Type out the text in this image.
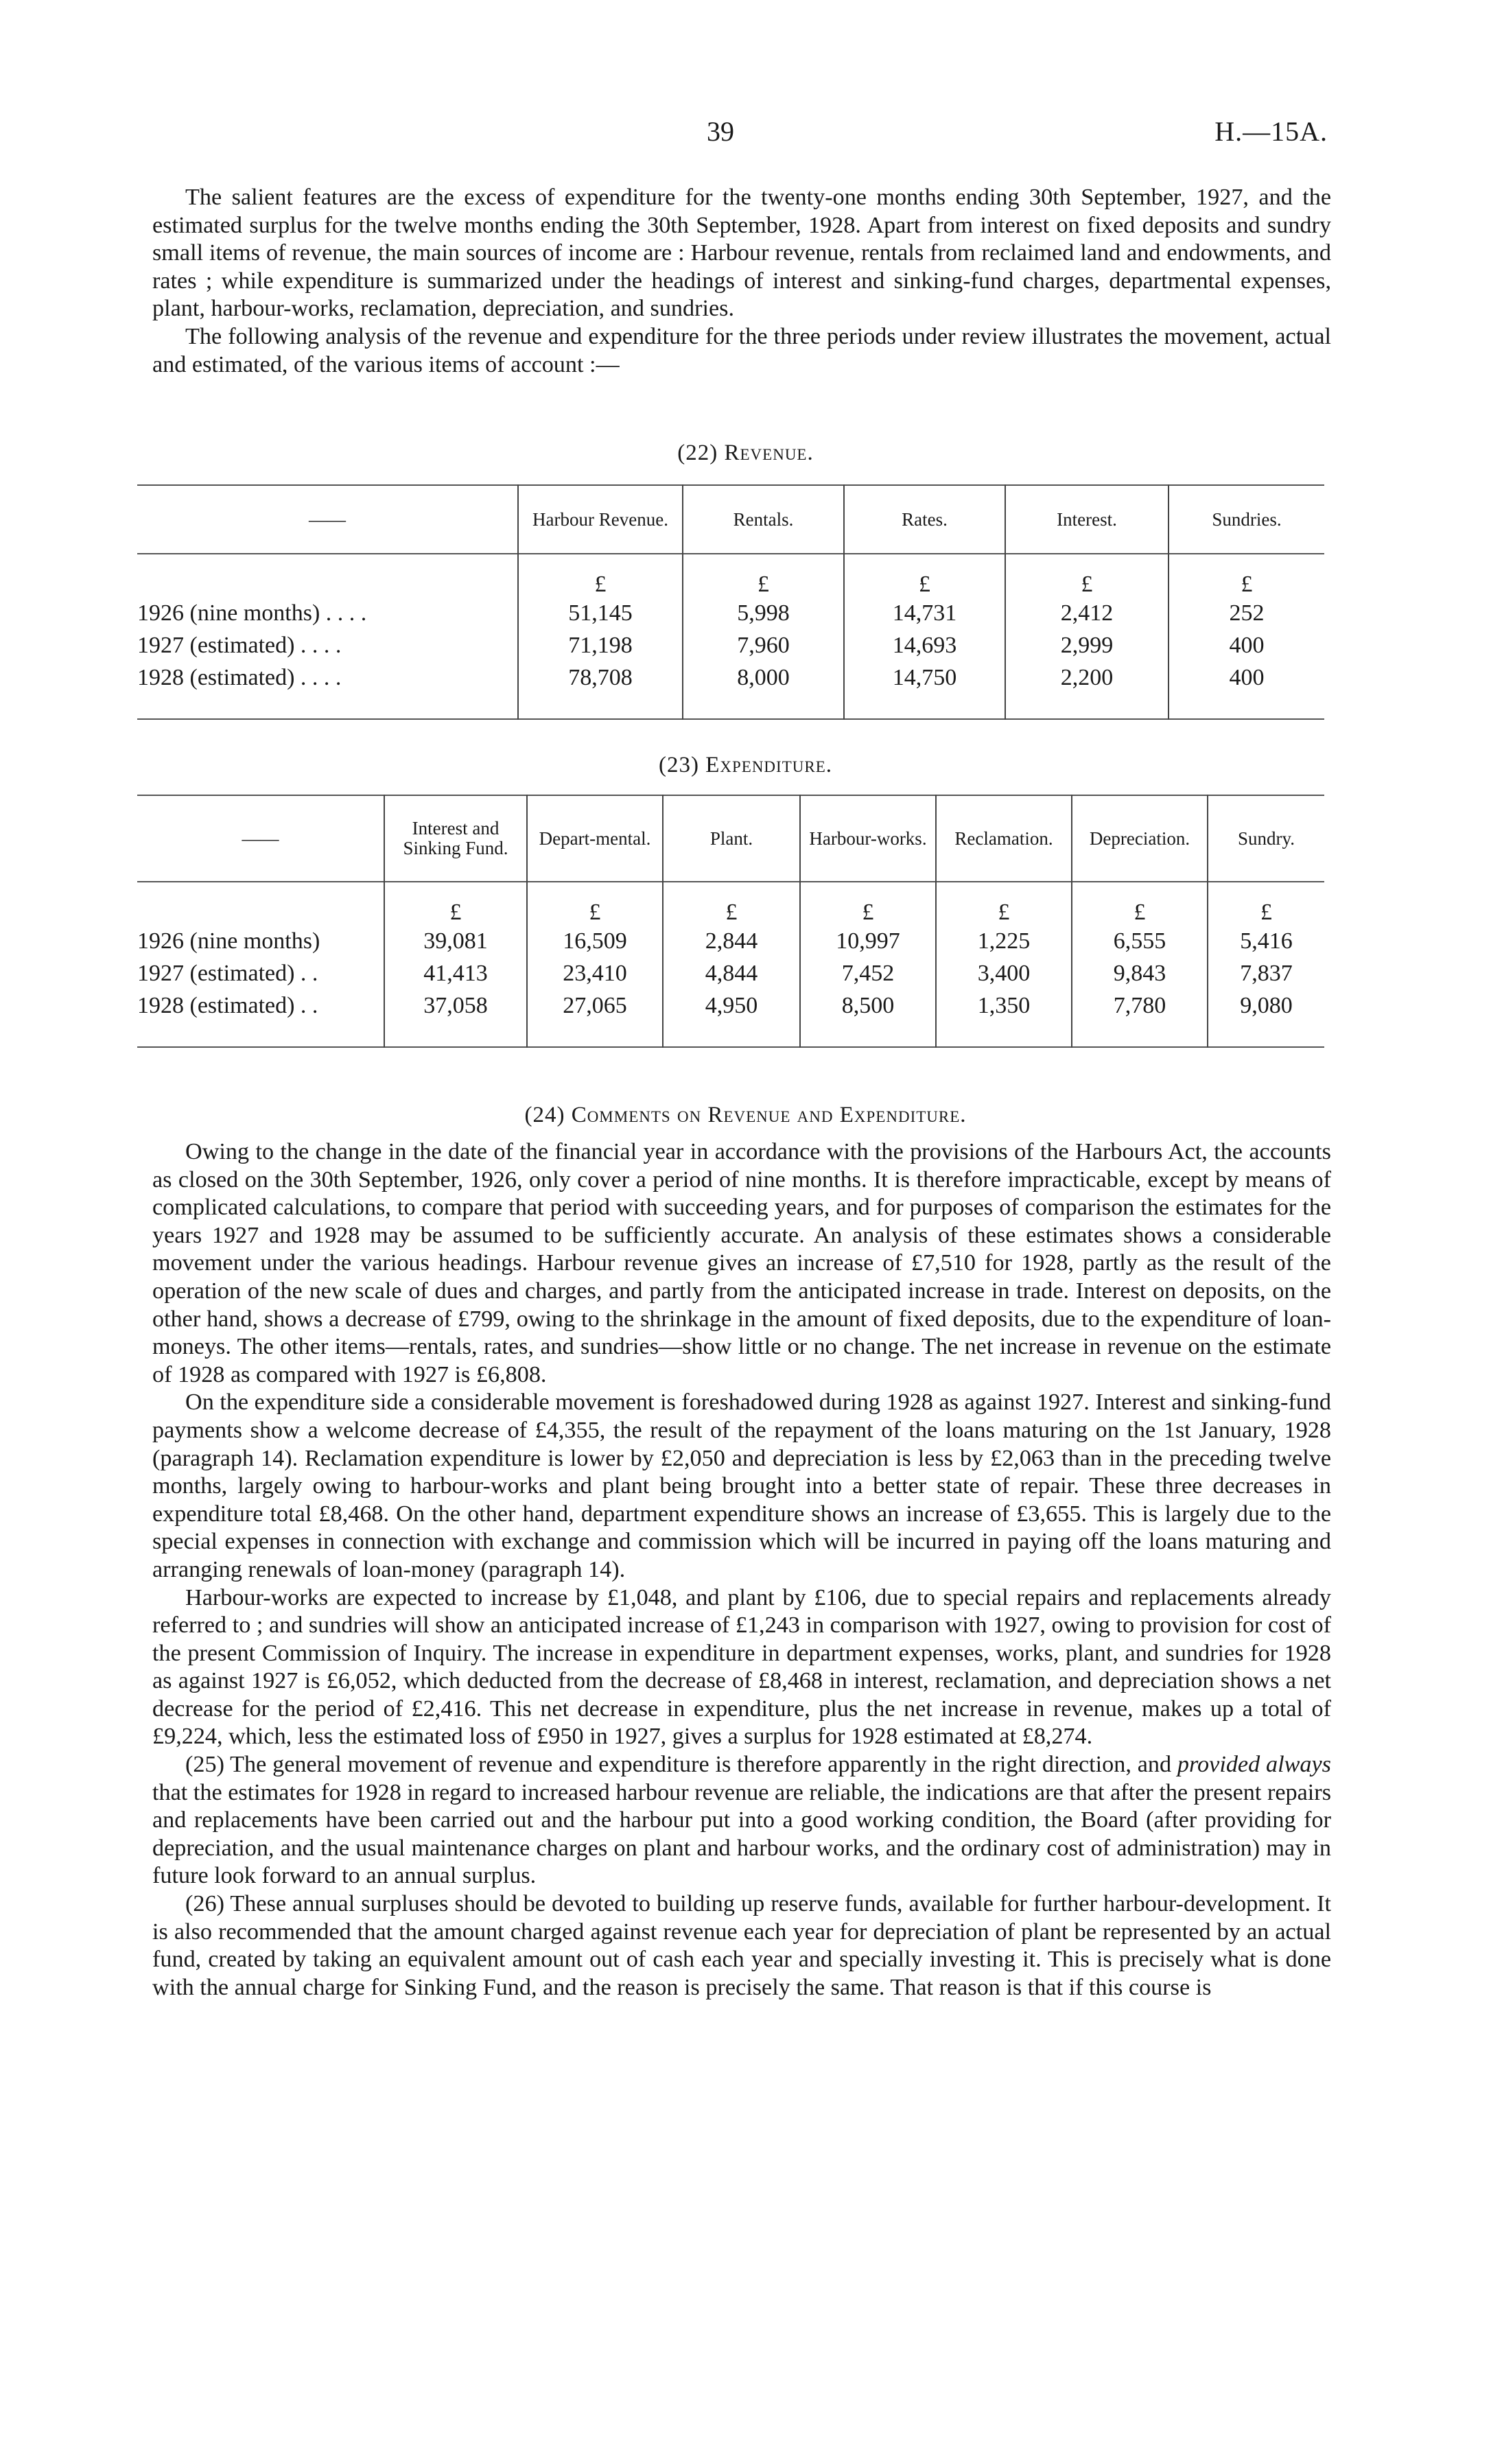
39	H.—15A.

The salient features are the excess of expenditure for the twenty-one months ending 30th September, 1927, and the estimated surplus for the twelve months ending the 30th September, 1928. Apart from interest on fixed deposits and sundry small items of revenue, the main sources of income are : Harbour revenue, rentals from reclaimed land and endowments, and rates ; while expenditure is summarized under the headings of interest and sinking-fund charges, departmental expenses, plant, harbour-works, reclamation, depreciation, and sundries.

The following analysis of the revenue and expenditure for the three periods under review illustrates the movement, actual and estimated, of the various items of account :—

(22) Revenue.
——	Harbour Revenue.	Rentals.	Rates.	Interest.	Sundries.
	£	£	£	£	£
1926 (nine months) . . . .	51,145	5,998	14,731	2,412	252
1927 (estimated) . . . .	71,198	7,960	14,693	2,999	400
1928 (estimated) . . . .	78,708	8,000	14,750	2,200	400

(23) Expenditure.
——	Interest and Sinking Fund.	Depart-mental.	Plant.	Harbour-works.	Reclamation.	Depreciation.	Sundry.
	£	£	£	£	£	£	£
1926 (nine months)	39,081	16,509	2,844	10,997	1,225	6,555	5,416
1927 (estimated) . .	41,413	23,410	4,844	7,452	3,400	9,843	7,837
1928 (estimated) . .	37,058	27,065	4,950	8,500	1,350	7,780	9,080

(24) Comments on Revenue and Expenditure.

Owing to the change in the date of the financial year in accordance with the provisions of the Harbours Act, the accounts as closed on the 30th September, 1926, only cover a period of nine months. It is therefore impracticable, except by means of complicated calculations, to compare that period with succeeding years, and for purposes of comparison the estimates for the years 1927 and 1928 may be assumed to be sufficiently accurate. An analysis of these estimates shows a considerable movement under the various headings. Harbour revenue gives an increase of £7,510 for 1928, partly as the result of the operation of the new scale of dues and charges, and partly from the anticipated increase in trade. Interest on deposits, on the other hand, shows a decrease of £799, owing to the shrinkage in the amount of fixed deposits, due to the expenditure of loan-moneys. The other items—rentals, rates, and sundries—show little or no change. The net increase in revenue on the estimate of 1928 as compared with 1927 is £6,808.

On the expenditure side a considerable movement is foreshadowed during 1928 as against 1927. Interest and sinking-fund payments show a welcome decrease of £4,355, the result of the repayment of the loans maturing on the 1st January, 1928 (paragraph 14). Reclamation expenditure is lower by £2,050 and depreciation is less by £2,063 than in the preceding twelve months, largely owing to harbour-works and plant being brought into a better state of repair. These three decreases in expenditure total £8,468. On the other hand, department expenditure shows an increase of £3,655. This is largely due to the special expenses in connection with exchange and commission which will be incurred in paying off the loans maturing and arranging renewals of loan-money (paragraph 14).

Harbour-works are expected to increase by £1,048, and plant by £106, due to special repairs and replacements already referred to ; and sundries will show an anticipated increase of £1,243 in comparison with 1927, owing to provision for cost of the present Commission of Inquiry. The increase in expenditure in department expenses, works, plant, and sundries for 1928 as against 1927 is £6,052, which deducted from the decrease of £8,468 in interest, reclamation, and depreciation shows a net decrease for the period of £2,416. This net decrease in expenditure, plus the net increase in revenue, makes up a total of £9,224, which, less the estimated loss of £950 in 1927, gives a surplus for 1928 estimated at £8,274.

(25) The general movement of revenue and expenditure is therefore apparently in the right direction, and provided always that the estimates for 1928 in regard to increased harbour revenue are reliable, the indications are that after the present repairs and replacements have been carried out and the harbour put into a good working condition, the Board (after providing for depreciation, and the usual maintenance charges on plant and harbour works, and the ordinary cost of administration) may in future look forward to an annual surplus.

(26) These annual surpluses should be devoted to building up reserve funds, available for further harbour-development. It is also recommended that the amount charged against revenue each year for depreciation of plant be represented by an actual fund, created by taking an equivalent amount out of cash each year and specially investing it. This is precisely what is done with the annual charge for Sinking Fund, and the reason is precisely the same. That reason is that if this course is
